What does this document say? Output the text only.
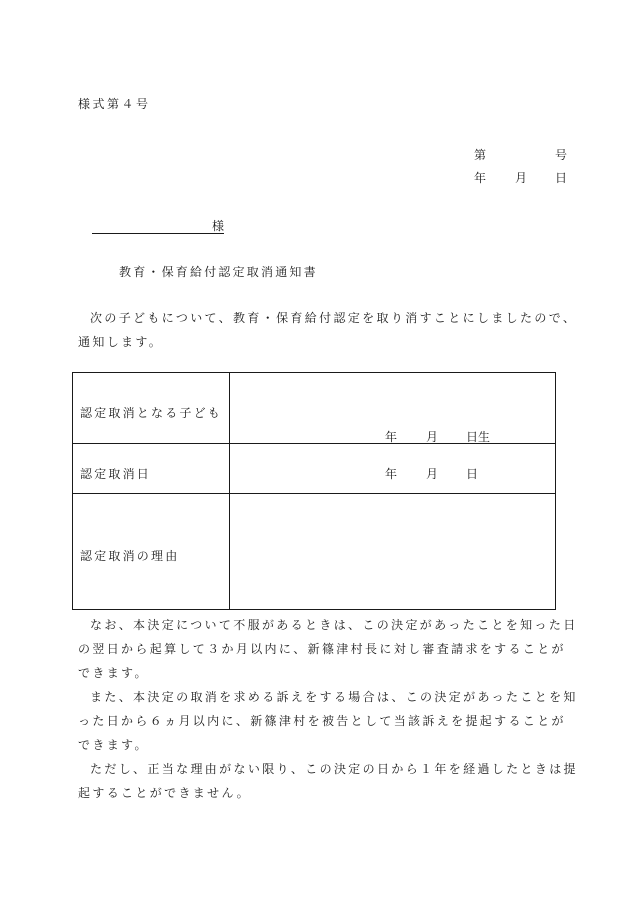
様式第４号
第	号
年 月 日
様
教育・保育給付認定取消通知書
次の子どもについて、教育・保育給付認定を取り消すことにしましたので、通知します。
認定取消となる子ども
年 月 日生
認定取消日	年 月 日
認定取消の理由

なお、本決定について不服があるときは、この決定があったことを知った日の翌日から起算して３か月以内に、新篠津村長に対し審査請求をすることができます。

また、本決定の取消を求める訴えをする場合は、この決定があったことを知った日から６ヵ月以内に、新篠津村を被告として当該訴えを提起することができます。

ただし、正当な理由がない限り、この決定の日から１年を経過したときは提起することができません。
